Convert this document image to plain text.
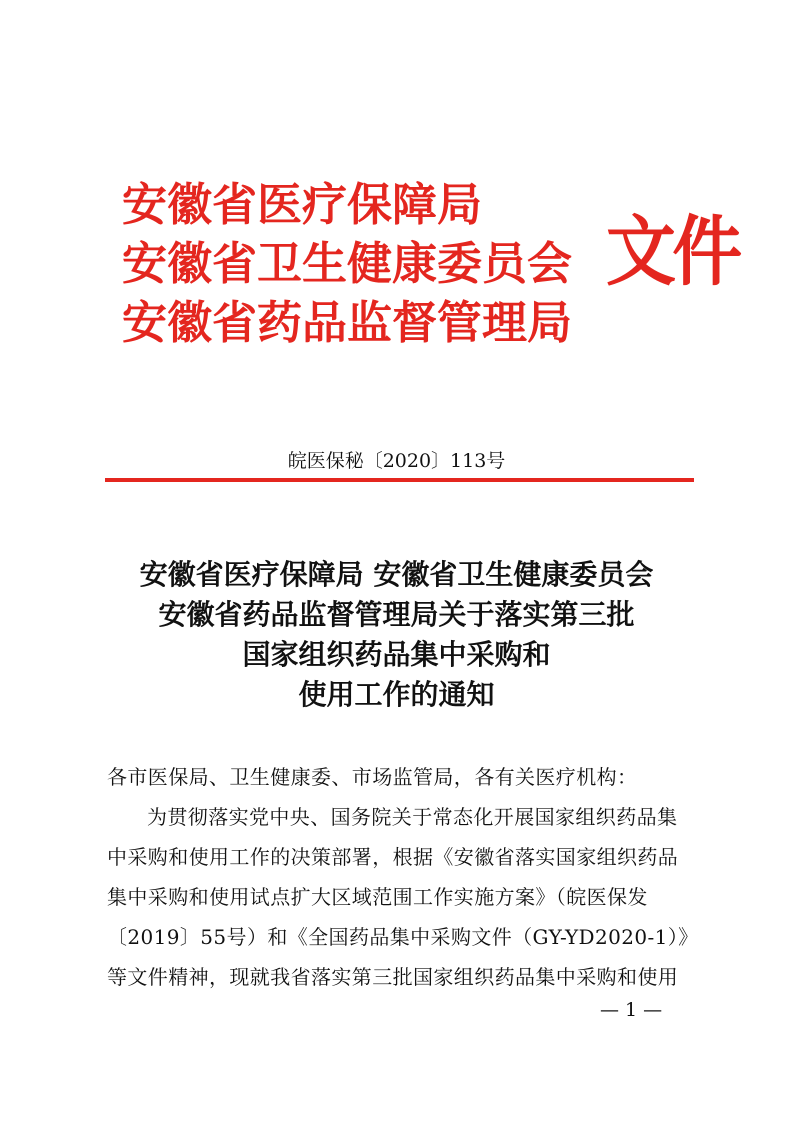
安徽省医疗保障局
安徽省卫生健康委员会
安徽省药品监督管理局
文件
皖医保秘〔2020〕113号
安徽省医疗保障局 安徽省卫生健康委员会
安徽省药品监督管理局关于落实第三批
国家组织药品集中采购和
使用工作的通知
各市医保局、卫生健康委、市场监管局，各有关医疗机构：
为贯彻落实党中央、国务院关于常态化开展国家组织药品集
中采购和使用工作的决策部署，根据《安徽省落实国家组织药品
集中采购和使用试点扩大区域范围工作实施方案》（皖医保发
〔2019〕55号）和《全国药品集中采购文件（GY-YD2020-1）》
等文件精神，现就我省落实第三批国家组织药品集中采购和使用
— 1 —
